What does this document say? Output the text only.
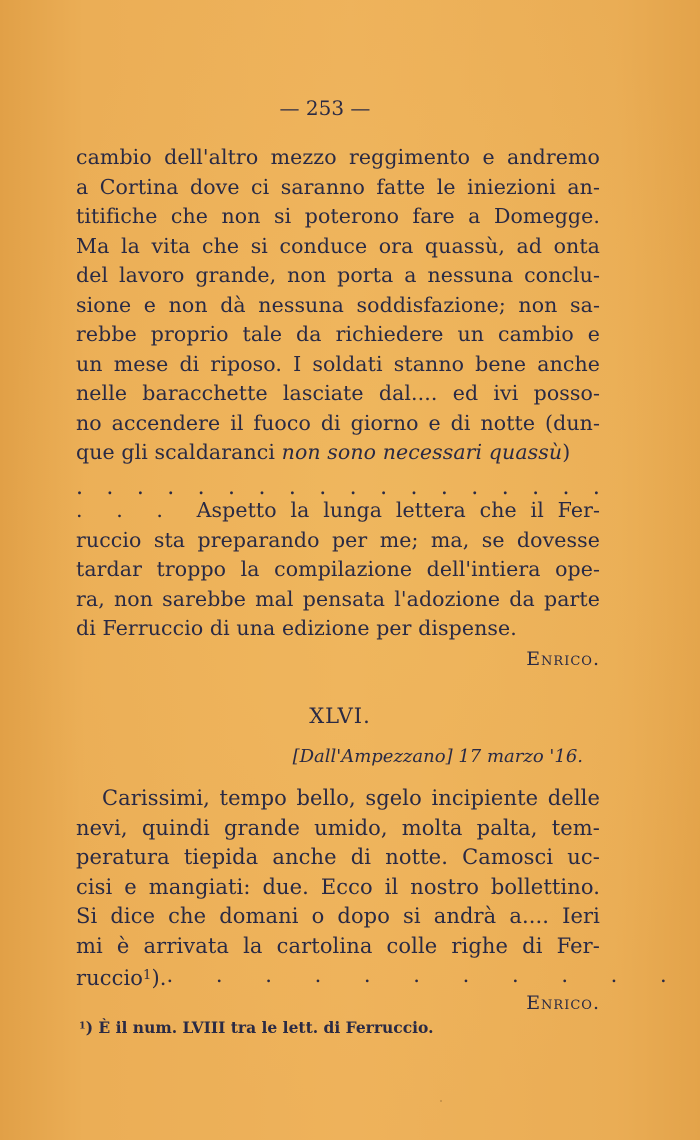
— 253 —
cambio dell'altro mezzo reggimento e andremo
a Cortina dove ci saranno fatte le iniezioni an-
titifiche che non si poterono fare a Domegge.
Ma la vita che si conduce ora quassù, ad onta
del lavoro grande, non porta a nessuna conclu-
sione e non dà nessuna soddisfazione; non sa-
rebbe proprio tale da richiedere un cambio e
un mese di riposo. I soldati stanno bene anche
nelle baracchette lasciate dal.... ed ivi posso-
no accendere il fuoco di giorno e di notte (dun-
que gli scaldaranci non sono necessari quassù)
. . . . . . . . . . . . . . . . . .
. . . Aspetto la lunga lettera che il Fer-
ruccio sta preparando per me; ma, se dovesse
tardar troppo la compilazione dell'intiera ope-
ra, non sarebbe mal pensata l'adozione da parte
di Ferruccio di una edizione per dispense.
Enrico.
XLVI.
[Dall'Ampezzano] 17 marzo '16.
Carissimi, tempo bello, sgelo incipiente delle
nevi, quindi grande umido, molta palta, tem-
peratura tiepida anche di notte. Camosci uc-
cisi e mangiati: due. Ecco il nostro bollettino.
Si dice che domani o dopo si andrà a.... Ieri
mi è arrivata la cartolina colle righe di Fer-
ruccio$^1$). . . . . . . . . . . .
Enrico.
$^1$) È il num. LVIII tra le lett. di Ferruccio.
